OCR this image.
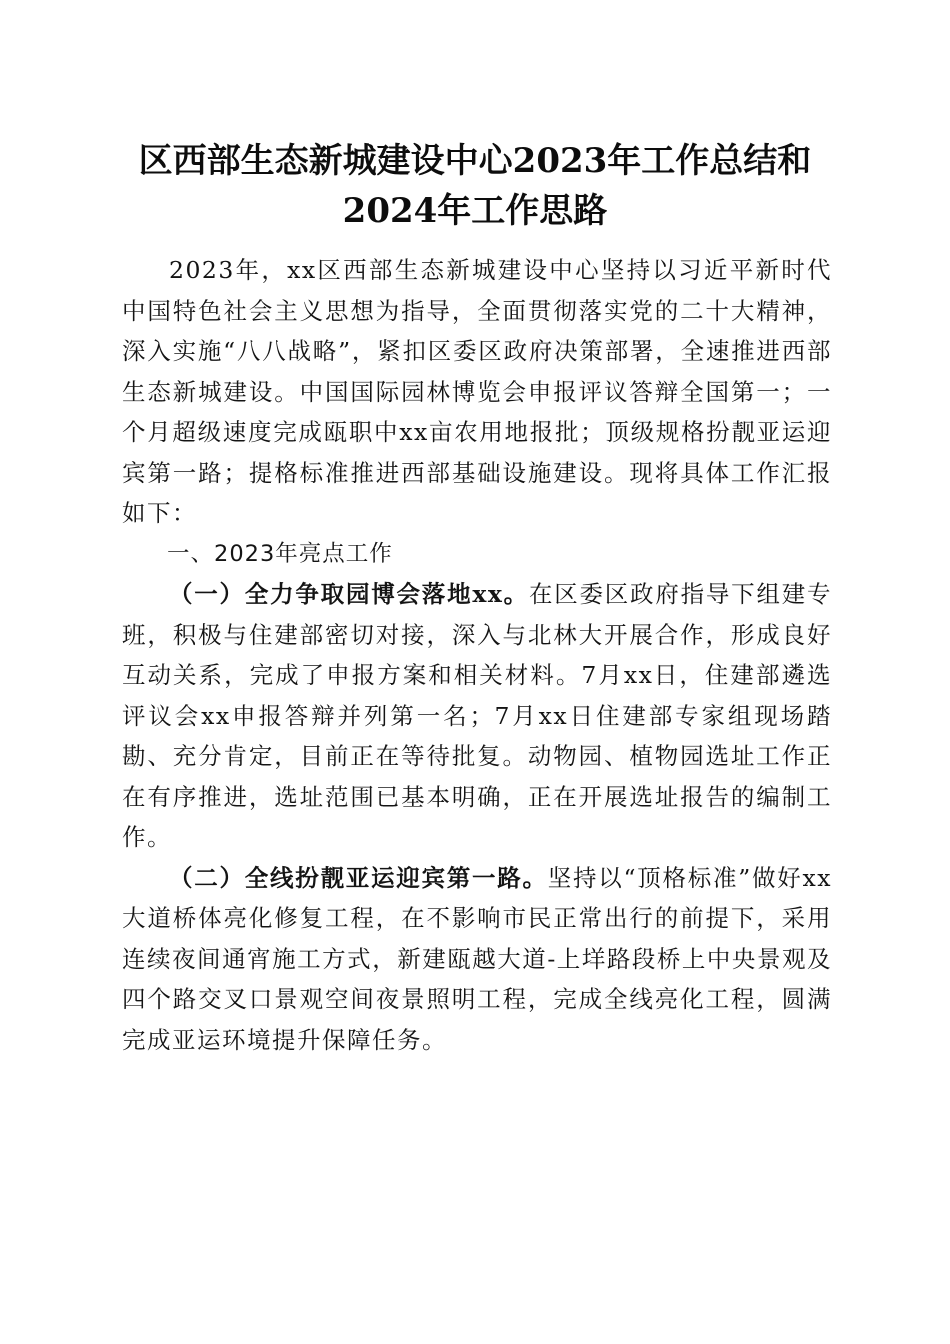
区西部生态新城建设中心2023年工作总结和
2024年工作思路

2023年，xx区西部生态新城建设中心坚持以习近平新时代中国特色社会主义思想为指导，全面贯彻落实党的二十大精神，深入实施“八八战略”，紧扣区委区政府决策部署，全速推进西部生态新城建设。中国国际园林博览会申报评议答辩全国第一；一个月超级速度完成瓯职中xx亩农用地报批；顶级规格扮靓亚运迎宾第一路；提格标准推进西部基础设施建设。现将具体工作汇报如下：

一、2023年亮点工作

（一）全力争取园博会落地xx。在区委区政府指导下组建专班，积极与住建部密切对接，深入与北林大开展合作，形成良好互动关系，完成了申报方案和相关材料。7月xx日，住建部遴选评议会xx申报答辩并列第一名；7月xx日住建部专家组现场踏勘、充分肯定，目前正在等待批复。动物园、植物园选址工作正在有序推进，选址范围已基本明确，正在开展选址报告的编制工作。

（二）全线扮靓亚运迎宾第一路。坚持以“顶格标准”做好xx大道桥体亮化修复工程，在不影响市民正常出行的前提下，采用连续夜间通宵施工方式，新建瓯越大道-上垟路段桥上中央景观及四个路交叉口景观空间夜景照明工程，完成全线亮化工程，圆满完成亚运环境提升保障任务。
